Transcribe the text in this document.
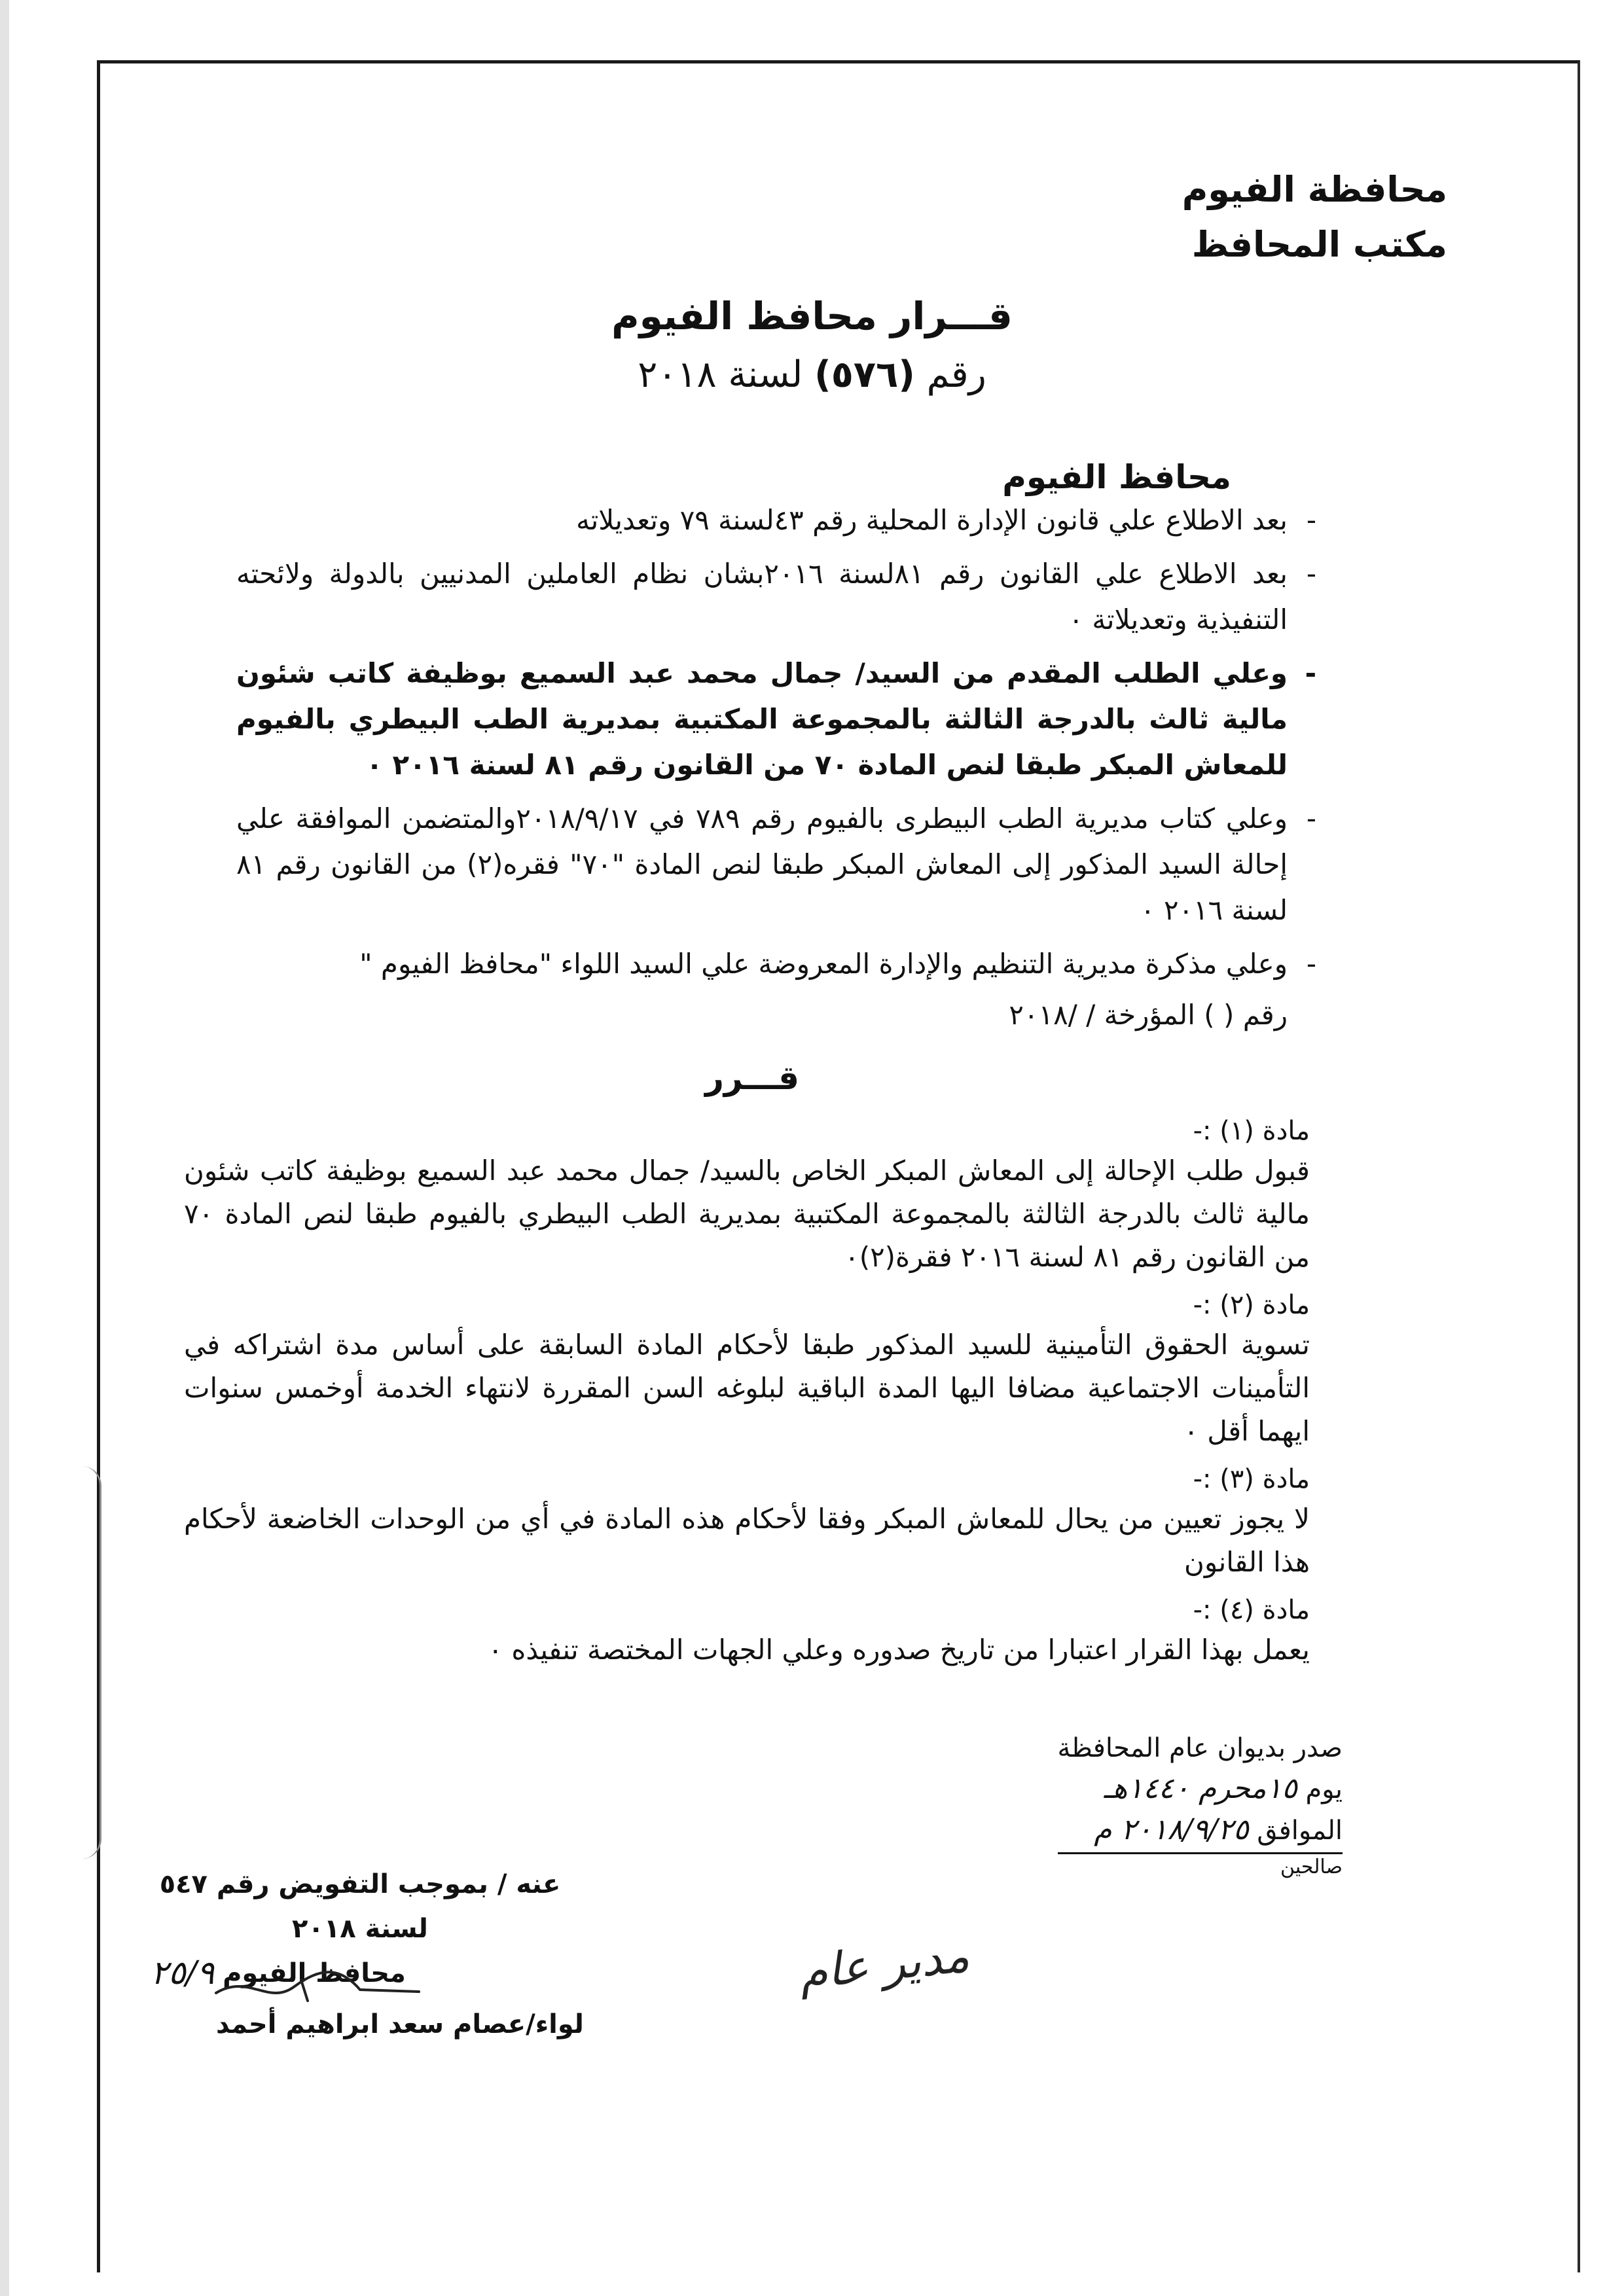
محافظة الفيوم
مكتب المحافظ
قـــرار محافظ الفيوم
رقم (٥٧٦) لسنة ٢٠١٨
محافظ الفيوم
- بعد الاطلاع علي قانون الإدارة المحلية رقم ٤٣لسنة ٧٩ وتعديلاته
- بعد الاطلاع علي القانون رقم ٨١لسنة ٢٠١٦بشان نظام العاملين المدنيين بالدولة ولائحته التنفيذية وتعديلاتة ٠
- وعلي الطلب المقدم من السيد/ جمال محمد عبد السميع بوظيفة كاتب شئون مالية ثالث بالدرجة الثالثة بالمجموعة المكتبية بمديرية الطب البيطري بالفيوم للمعاش المبكر طبقا لنص المادة ٧٠ من القانون رقم ٨١ لسنة ٢٠١٦ ٠
- وعلي كتاب مديرية الطب البيطرى بالفيوم رقم ٧٨٩ في ٢٠١٨/٩/١٧والمتضمن الموافقة علي إحالة السيد المذكور إلى المعاش المبكر طبقا لنص المادة "٧٠" فقره(٢) من القانون رقم ٨١ لسنة ٢٠١٦ ٠
- وعلي مذكرة مديرية التنظيم والإدارة المعروضة علي السيد اللواء "محافظ الفيوم "
رقم ( ) المؤرخة / /٢٠١٨
قـــرر
مادة (١) :-
قبول طلب الإحالة إلى المعاش المبكر الخاص بالسيد/ جمال محمد عبد السميع بوظيفة كاتب شئون مالية ثالث بالدرجة الثالثة بالمجموعة المكتبية بمديرية الطب البيطري بالفيوم طبقا لنص المادة ٧٠ من القانون رقم ٨١ لسنة ٢٠١٦ فقرة(٢)٠
مادة (٢) :-
تسوية الحقوق التأمينية للسيد المذكور طبقا لأحكام المادة السابقة على أساس مدة اشتراكه في التأمينات الاجتماعية مضافا اليها المدة الباقية لبلوغه السن المقررة لانتهاء الخدمة أوخمس سنوات ايهما أقل ٠
مادة (٣) :-
لا يجوز تعيين من يحال للمعاش المبكر وفقا لأحكام هذه المادة في أي من الوحدات الخاضعة لأحكام هذا القانون
مادة (٤) :-
يعمل بهذا القرار اعتبارا من تاريخ صدوره وعلي الجهات المختصة تنفيذه ٠
صدر بديوان عام المحافظة
يوم ١٥محرم ١٤٤٠هـ
الموافق ٢٠١٨/٩/٢٥ م
صالحين
عنه / بموجب التفويض رقم ٥٤٧ لسنة ٢٠١٨
محافظ الفيوم
٢٥/٩
لواء/عصام سعد ابراهيم أحمد
مدير عام
